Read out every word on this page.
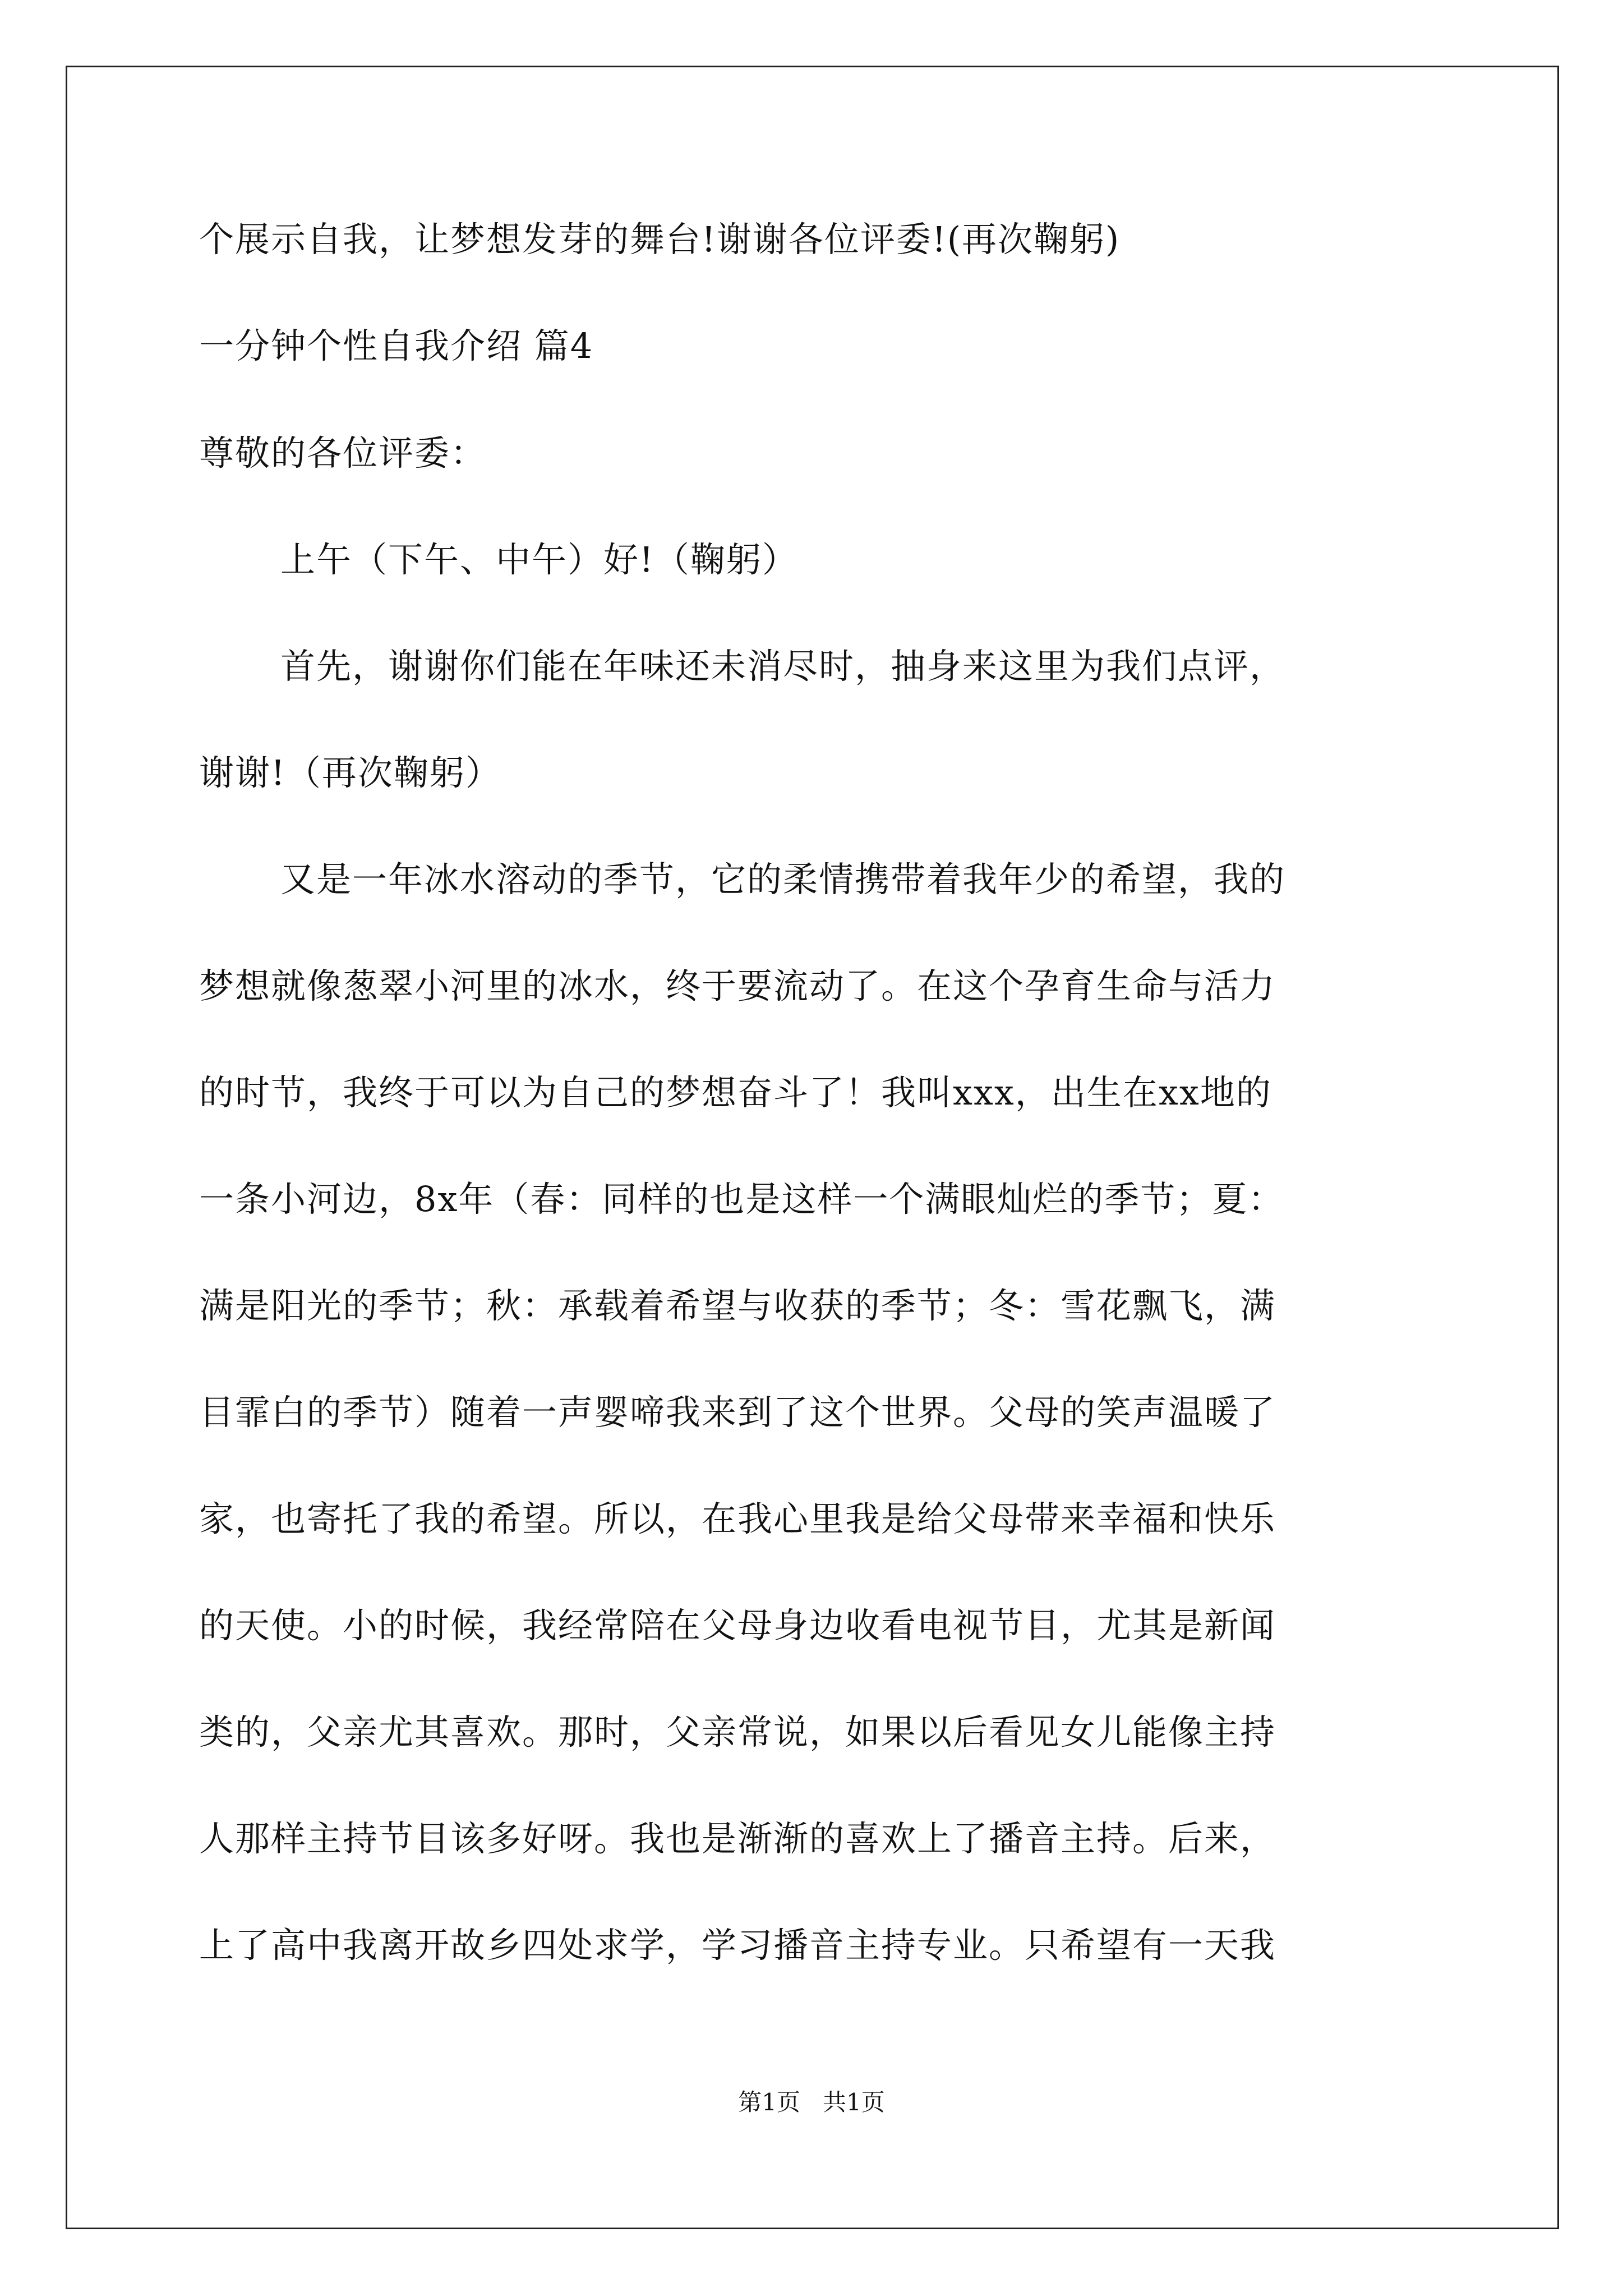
个展示自我，让梦想发芽的舞台!谢谢各位评委!(再次鞠躬)
一分钟个性自我介绍 篇4
尊敬的各位评委：
上午（下午、中午）好!（鞠躬）
首先，谢谢你们能在年味还未消尽时，抽身来这里为我们点评，
谢谢!（再次鞠躬）
又是一年冰水溶动的季节，它的柔情携带着我年少的希望，我的
梦想就像葱翠小河里的冰水，终于要流动了。在这个孕育生命与活力
的时节，我终于可以为自己的梦想奋斗了！我叫xxx，出生在xx地的
一条小河边，8x年（春：同样的也是这样一个满眼灿烂的季节；夏：
满是阳光的季节；秋：承载着希望与收获的季节；冬：雪花飘飞，满
目霏白的季节）随着一声婴啼我来到了这个世界。父母的笑声温暖了
家，也寄托了我的希望。所以，在我心里我是给父母带来幸福和快乐
的天使。小的时候，我经常陪在父母身边收看电视节目，尤其是新闻
类的，父亲尤其喜欢。那时，父亲常说，如果以后看见女儿能像主持
人那样主持节目该多好呀。我也是渐渐的喜欢上了播音主持。后来，
上了高中我离开故乡四处求学，学习播音主持专业。只希望有一天我
第1页   共1页
